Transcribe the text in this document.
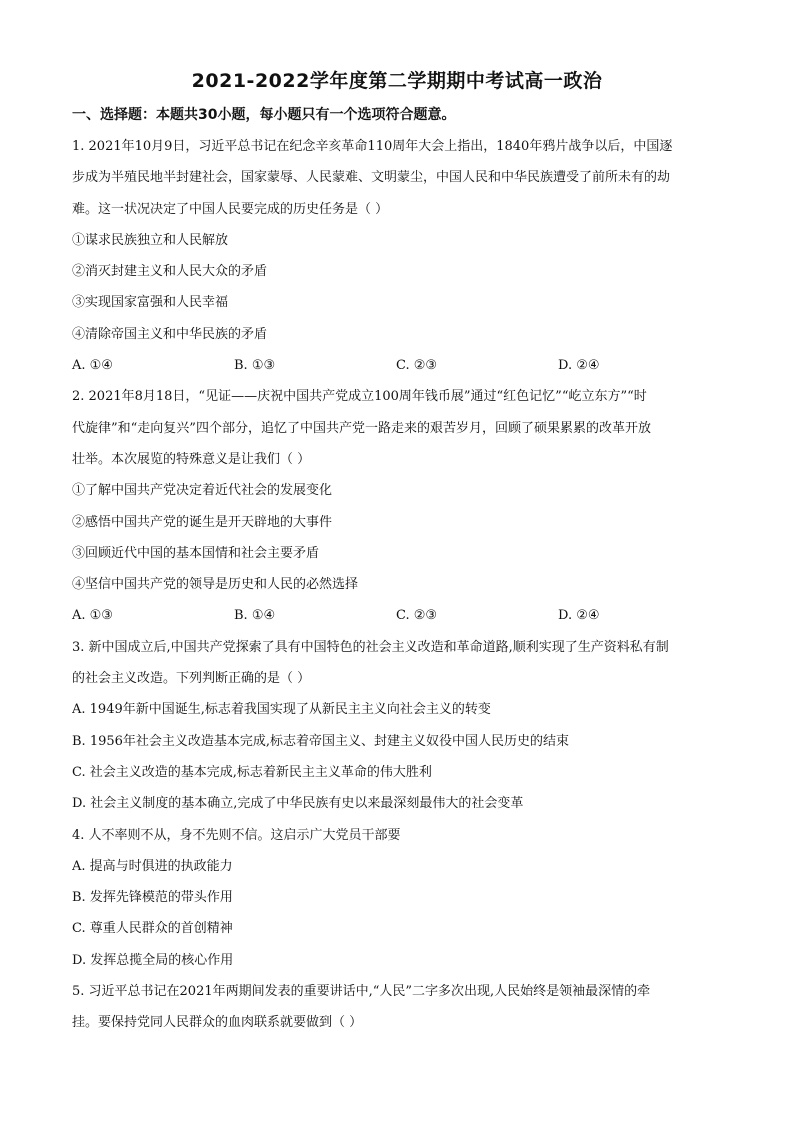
2021-2022学年度第二学期期中考试高一政治
一、选择题：本题共30小题，每小题只有一个选项符合题意。
1. 2021年10月9日，习近平总书记在纪念辛亥革命110周年大会上指出，1840年鸦片战争以后，中国逐
步成为半殖民地半封建社会，国家蒙辱、人民蒙难、文明蒙尘，中国人民和中华民族遭受了前所未有的劫
难。这一状况决定了中国人民要完成的历史任务是（ ）
①谋求民族独立和人民解放
②消灭封建主义和人民大众的矛盾
③实现国家富强和人民幸福
④清除帝国主义和中华民族的矛盾
A. ①④	B. ①③	C. ②③	D. ②④
2. 2021年8月18日，“见证——庆祝中国共产党成立100周年钱币展”通过“红色记忆”“屹立东方”“时
代旋律”和“走向复兴”四个部分，追忆了中国共产党一路走来的艰苦岁月，回顾了硕果累累的改革开放
壮举。本次展览的特殊意义是让我们（ ）
①了解中国共产党决定着近代社会的发展变化
②感悟中国共产党的诞生是开天辟地的大事件
③回顾近代中国的基本国情和社会主要矛盾
④坚信中国共产党的领导是历史和人民的必然选择
A. ①③	B. ①④	C. ②③	D. ②④
3. 新中国成立后,中国共产党探索了具有中国特色的社会主义改造和革命道路,顺利实现了生产资料私有制
的社会主义改造。下列判断正确的是（ ）
A. 1949年新中国诞生,标志着我国实现了从新民主主义向社会主义的转变
B. 1956年社会主义改造基本完成,标志着帝国主义、封建主义奴役中国人民历史的结束
C. 社会主义改造的基本完成,标志着新民主主义革命的伟大胜利
D. 社会主义制度的基本确立,完成了中华民族有史以来最深刻最伟大的社会变革
4. 人不率则不从，身不先则不信。这启示广大党员干部要
A. 提高与时俱进的执政能力
B. 发挥先锋模范的带头作用
C. 尊重人民群众的首创精神
D. 发挥总揽全局的核心作用
5. 习近平总书记在2021年两期间发表的重要讲话中,“人民”二字多次出现,人民始终是领袖最深情的牵
挂。要保持党同人民群众的血肉联系就要做到（ ）
